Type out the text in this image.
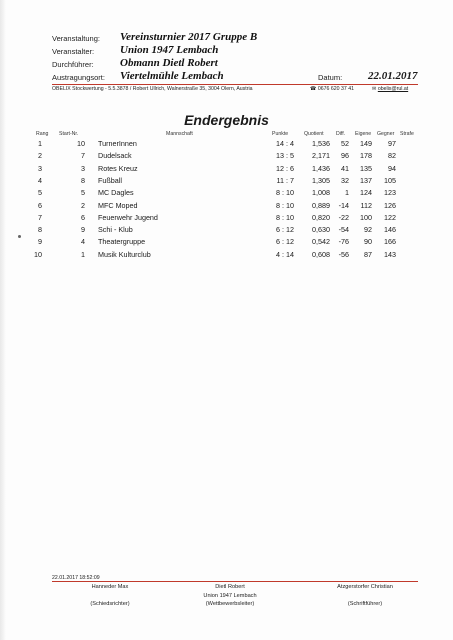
Veranstaltung: Vereinsturnier 2017 Gruppe B
Veranstalter: Union 1947 Lembach
Durchführer: Obmann Dietl Robert
Austragungsort: Viertelmühle Lembach	Datum: 22.01.2017
OBELIX Stockwertung - 5.5.3878 / Robert Ullrich, Walnerstraße 35, 3004 Olern, Austria	☎ 0676 620 37 41	✉ obelix@rul.at
Endergebnis
Rang Start-Nr.	Mannschaft	Punkte	Quotient Diff. Eigene Gegner Strafe
1	10 TurnerInnen	14 : 4	1,536	52	149	97
2	7 Dudelsack	13 : 5	2,171	96	178	82
3	3 Rotes Kreuz	12 : 6	1,436	41	135	94
4	8 Fußball	11 : 7	1,305	32	137	105
5	5 MC Dagles	8 : 10	1,008	1	124	123
6	2 MFC Moped	8 : 10	0,889	-14	112	126
7	6 Feuerwehr Jugend	8 : 10	0,820	-22	100	122
8	9 Schi - Klub	6 : 12	0,630	-54	92	146
9	4 Theatergruppe	6 : 12	0,542	-76	90	166
10	1 Musik Kulturclub	4 : 14	0,608	-56	87	143
22.01.2017 18:52:09
Hanneder Max
(Schiedsrichter)
Dietl Robert
Union 1947 Lembach
(Wettbewerbsleiter)
Atzgerstorfer Christian
(Schriftführer)
